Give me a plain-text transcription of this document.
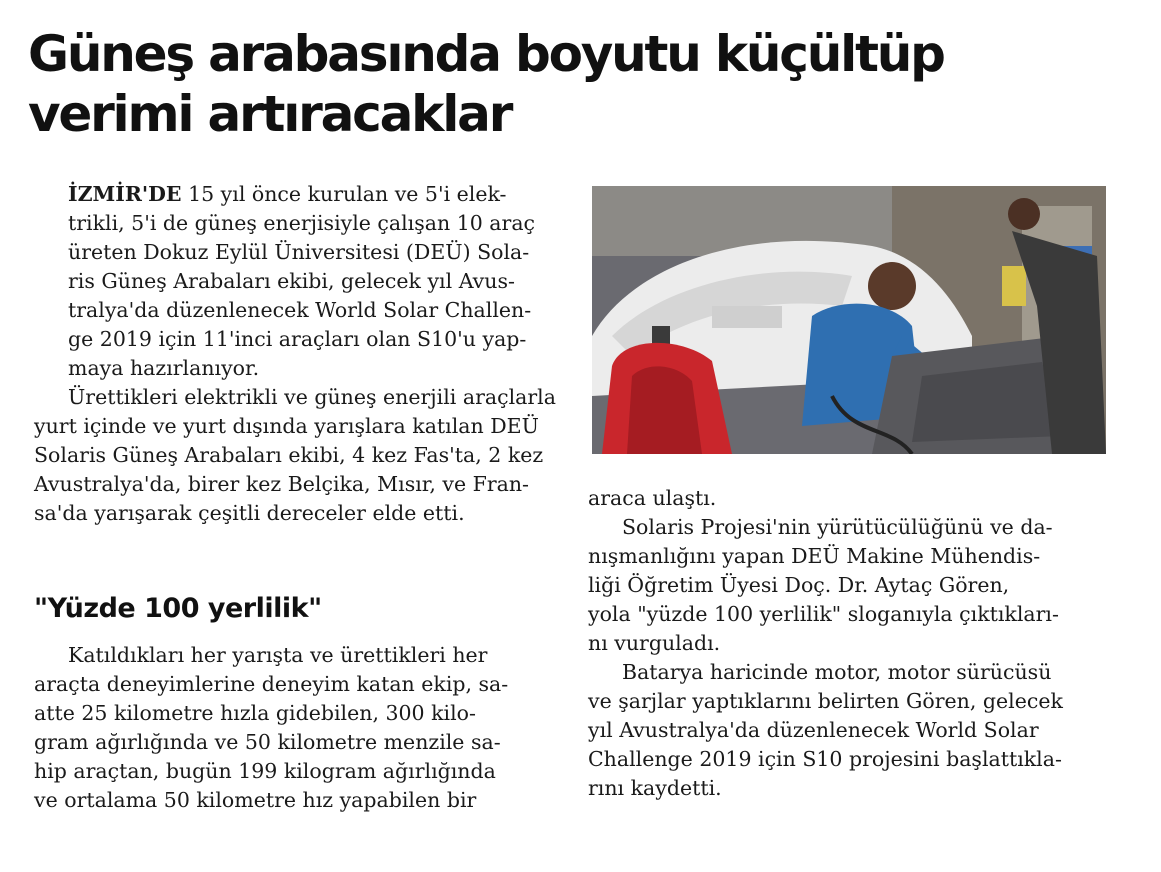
Güneş arabasında boyutu küçültüp
verimi artıracaklar

İZMİR'DE 15 yıl önce kurulan ve 5'i elek-
trikli, 5'i de güneş enerjisiyle çalışan 10 araç
üreten Dokuz Eylül Üniversitesi (DEÜ) Sola-
ris Güneş Arabaları ekibi, gelecek yıl Avus-
tralya'da düzenlenecek World Solar Challen-
ge 2019 için 11'inci araçları olan S10'u yap-
maya hazırlanıyor.

Ürettikleri elektrikli ve güneş enerjili araçlarla
yurt içinde ve yurt dışında yarışlara katılan DEÜ
Solaris Güneş Arabaları ekibi, 4 kez Fas'ta, 2 kez
Avustralya'da, birer kez Belçika, Mısır, ve Fran-
sa'da yarışarak çeşitli dereceler elde etti.

"Yüzde 100 yerlilik"

Katıldıkları her yarışta ve ürettikleri her
araçta deneyimlerine deneyim katan ekip, sa-
atte 25 kilometre hızla gidebilen, 300 kilo-
gram ağırlığında ve 50 kilometre menzile sa-
hip araçtan, bugün 199 kilogram ağırlığında
ve ortalama 50 kilometre hız yapabilen bir

araca ulaştı.

Solaris Projesi'nin yürütücülüğünü ve da-
nışmanlığını yapan DEÜ Makine Mühendis-
liği Öğretim Üyesi Doç. Dr. Aytaç Gören,
yola "yüzde 100 yerlilik" sloganıyla çıktıkları-
nı vurguladı.

Batarya haricinde motor, motor sürücüsü
ve şarjlar yaptıklarını belirten Gören, gelecek
yıl Avustralya'da düzenlenecek World Solar
Challenge 2019 için S10 projesini başlattıkla-
rını kaydetti.
